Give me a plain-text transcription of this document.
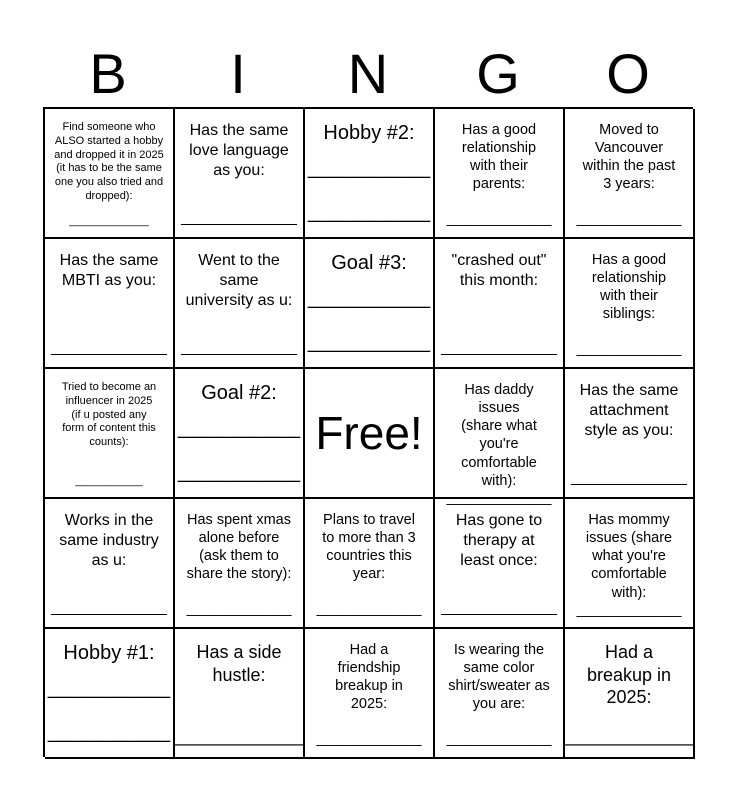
B	I	N	G	O
Find someone who
ALSO started a hobby
and dropped it in 2025
(it has to be the same
one you also tried and
dropped):
_____________
Has the same
love language
as you:
_____________
Hobby #2:
___________
___________
Has a good
relationship
with their
parents:
_____________
Moved to
Vancouver
within the past
3 years:
_____________
Has the same
MBTI as you:
_____________
Went to the
same
university as u:
_____________
Goal #3:
___________
___________
"crashed out"
this month:
_____________
Has a good
relationship
with their
siblings:
_____________
Tried to become an
influencer in 2025
(if u posted any
form of content this
counts):
___________
Goal #2:
___________
___________
Free!
Has daddy issues
(share what
you're
comfortable with):
_____________
Has the same
attachment
style as you:
_____________
Works in the
same industry
as u:
_____________
Has spent xmas
alone before
(ask them to
share the story):
_____________
Plans to travel
to more than 3
countries this
year:
_____________
Has gone to
therapy at
least once:
_____________
Has mommy
issues (share
what you're
comfortable with):
_____________
Hobby #1:
___________
___________
Has a side
hustle:
_____________
Had a
friendship
breakup in
2025:
_____________
Is wearing the
same color
shirt/sweater as
you are:
_____________
Had a
breakup in
2025:
_____________
